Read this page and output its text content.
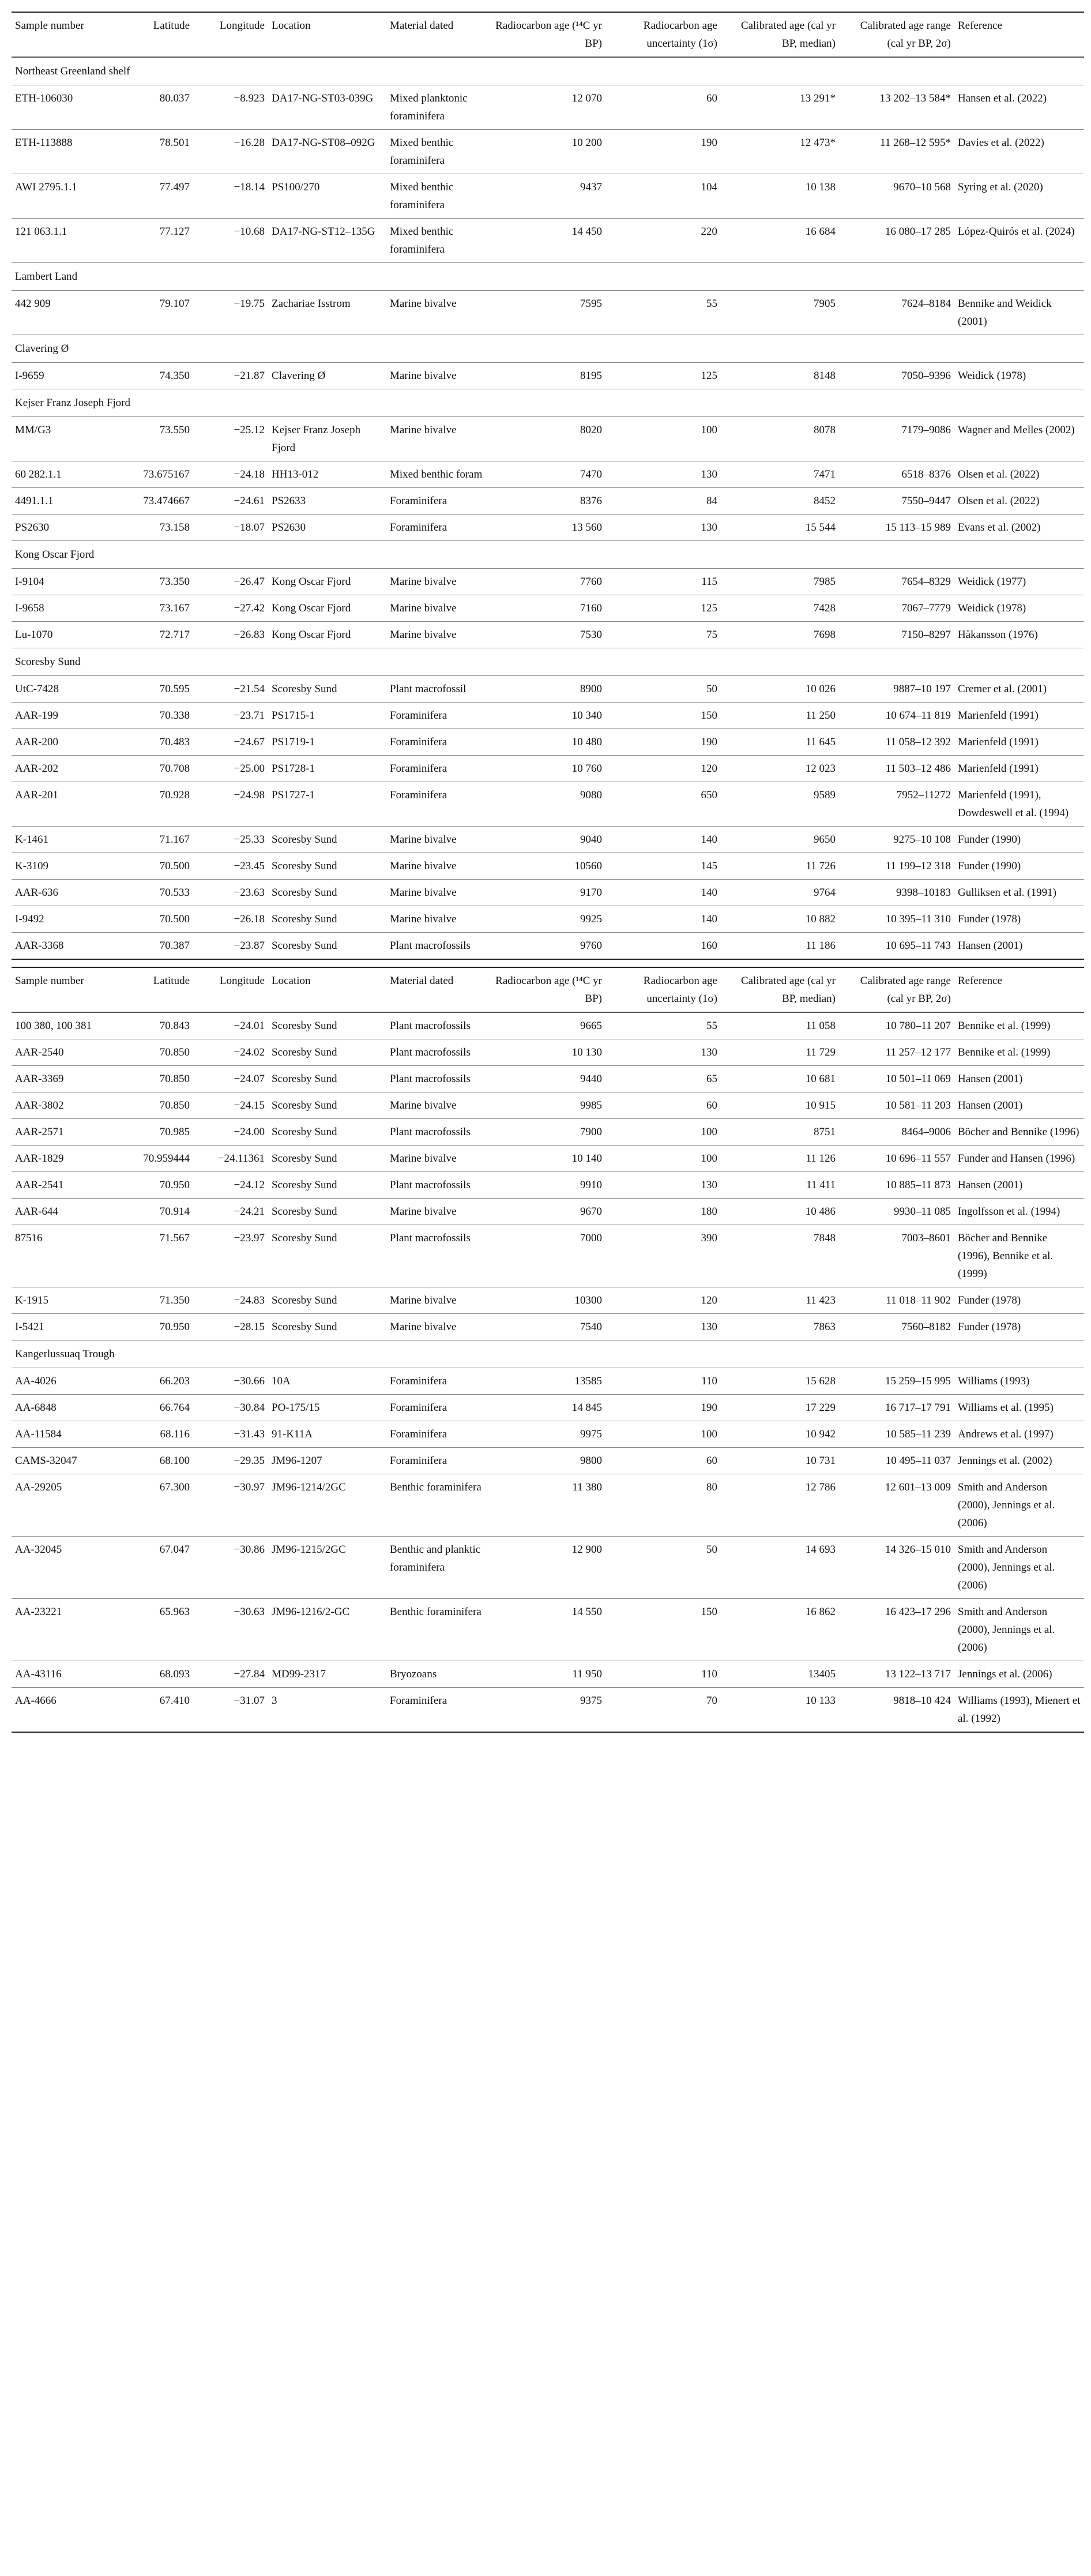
Sample number	Latitude	Longitude	Location	Material dated	Radiocarbon age (¹⁴C yr BP)	Radiocarbon age uncertainty (1σ)	Calibrated age (cal yr BP, median)	Calibrated age range (cal yr BP, 2σ)	Reference
Northeast Greenland shelf									
ETH-106030	80.037	−8.923	DA17-NG-ST03-039G	Mixed planktonic foraminifera	12 070	60	13 291*	13 202–13 584*	Hansen et al. (2022)
ETH-113888	78.501	−16.28	DA17-NG-ST08–092G	Mixed benthic foraminifera	10 200	190	12 473*	11 268–12 595*	Davies et al. (2022)
AWI 2795.1.1	77.497	−18.14	PS100/270	Mixed benthic foraminifera	9437	104	10 138	9670–10 568	Syring et al. (2020)
121 063.1.1	77.127	−10.68	DA17-NG-ST12–135G	Mixed benthic foraminifera	14 450	220	16 684	16 080–17 285	López-Quirós et al. (2024)
Lambert Land									
442 909	79.107	−19.75	Zachariae Isstrom	Marine bivalve	7595	55	7905	7624–8184	Bennike and Weidick (2001)
Clavering Ø									
I-9659	74.350	−21.87	Clavering Ø	Marine bivalve	8195	125	8148	7050–9396	Weidick (1978)
Kejser Franz Joseph Fjord									
MM/G3	73.550	−25.12	Kejser Franz Joseph Fjord	Marine bivalve	8020	100	8078	7179–9086	Wagner and Melles (2002)
60 282.1.1	73.675167	−24.18	HH13-012	Mixed benthic foram	7470	130	7471	6518–8376	Olsen et al. (2022)
4491.1.1	73.474667	−24.61	PS2633	Foraminifera	8376	84	8452	7550–9447	Olsen et al. (2022)
PS2630	73.158	−18.07	PS2630	Foraminifera	13 560	130	15 544	15 113–15 989	Evans et al. (2002)
Kong Oscar Fjord									
I-9104	73.350	−26.47	Kong Oscar Fjord	Marine bivalve	7760	115	7985	7654–8329	Weidick (1977)
I-9658	73.167	−27.42	Kong Oscar Fjord	Marine bivalve	7160	125	7428	7067–7779	Weidick (1978)
Lu-1070	72.717	−26.83	Kong Oscar Fjord	Marine bivalve	7530	75	7698	7150–8297	Håkansson (1976)
Scoresby Sund									
UtC-7428	70.595	−21.54	Scoresby Sund	Plant macrofossil	8900	50	10 026	9887–10 197	Cremer et al. (2001)
AAR-199	70.338	−23.71	PS1715-1	Foraminifera	10 340	150	11 250	10 674–11 819	Marienfeld (1991)
AAR-200	70.483	−24.67	PS1719-1	Foraminifera	10 480	190	11 645	11 058–12 392	Marienfeld (1991)
AAR-202	70.708	−25.00	PS1728-1	Foraminifera	10 760	120	12 023	11 503–12 486	Marienfeld (1991)
AAR-201	70.928	−24.98	PS1727-1	Foraminifera	9080	650	9589	7952–11272	Marienfeld (1991), Dowdeswell et al. (1994)
K-1461	71.167	−25.33	Scoresby Sund	Marine bivalve	9040	140	9650	9275–10 108	Funder (1990)
K-3109	70.500	−23.45	Scoresby Sund	Marine bivalve	10560	145	11 726	11 199–12 318	Funder (1990)
AAR-636	70.533	−23.63	Scoresby Sund	Marine bivalve	9170	140	9764	9398–10183	Gulliksen et al. (1991)
I-9492	70.500	−26.18	Scoresby Sund	Marine bivalve	9925	140	10 882	10 395–11 310	Funder (1978)
AAR-3368	70.387	−23.87	Scoresby Sund	Plant macrofossils	9760	160	11 186	10 695–11 743	Hansen (2001)
Sample number	Latitude	Longitude	Location	Material dated	Radiocarbon age (¹⁴C yr BP)	Radiocarbon age uncertainty (1σ)	Calibrated age (cal yr BP, median)	Calibrated age range (cal yr BP, 2σ)	Reference
100 380, 100 381	70.843	−24.01	Scoresby Sund	Plant macrofossils	9665	55	11 058	10 780–11 207	Bennike et al. (1999)
AAR-2540	70.850	−24.02	Scoresby Sund	Plant macrofossils	10 130	130	11 729	11 257–12 177	Bennike et al. (1999)
AAR-3369	70.850	−24.07	Scoresby Sund	Plant macrofossils	9440	65	10 681	10 501–11 069	Hansen (2001)
AAR-3802	70.850	−24.15	Scoresby Sund	Marine bivalve	9985	60	10 915	10 581–11 203	Hansen (2001)
AAR-2571	70.985	−24.00	Scoresby Sund	Plant macrofossils	7900	100	8751	8464–9006	Böcher and Bennike (1996)
AAR-1829	70.959444	−24.11361	Scoresby Sund	Marine bivalve	10 140	100	11 126	10 696–11 557	Funder and Hansen (1996)
AAR-2541	70.950	−24.12	Scoresby Sund	Plant macrofossils	9910	130	11 411	10 885–11 873	Hansen (2001)
AAR-644	70.914	−24.21	Scoresby Sund	Marine bivalve	9670	180	10 486	9930–11 085	Ingolfsson et al. (1994)
87516	71.567	−23.97	Scoresby Sund	Plant macrofossils	7000	390	7848	7003–8601	Böcher and Bennike (1996), Bennike et al. (1999)
K-1915	71.350	−24.83	Scoresby Sund	Marine bivalve	10300	120	11 423	11 018–11 902	Funder (1978)
I-5421	70.950	−28.15	Scoresby Sund	Marine bivalve	7540	130	7863	7560–8182	Funder (1978)
Kangerlussuaq Trough									
AA-4026	66.203	−30.66	10A	Foraminifera	13585	110	15 628	15 259–15 995	Williams (1993)
AA-6848	66.764	−30.84	PO-175/15	Foraminifera	14 845	190	17 229	16 717–17 791	Williams et al. (1995)
AA-11584	68.116	−31.43	91-K11A	Foraminifera	9975	100	10 942	10 585–11 239	Andrews et al. (1997)
CAMS-32047	68.100	−29.35	JM96-1207	Foraminifera	9800	60	10 731	10 495–11 037	Jennings et al. (2002)
AA-29205	67.300	−30.97	JM96-1214/2GC	Benthic foraminifera	11 380	80	12 786	12 601–13 009	Smith and Anderson (2000), Jennings et al. (2006)
AA-32045	67.047	−30.86	JM96-1215/2GC	Benthic and planktic foraminifera	12 900	50	14 693	14 326–15 010	Smith and Anderson (2000), Jennings et al. (2006)
AA-23221	65.963	−30.63	JM96-1216/2-GC	Benthic foraminifera	14 550	150	16 862	16 423–17 296	Smith and Anderson (2000), Jennings et al. (2006)
AA-43116	68.093	−27.84	MD99-2317	Bryozoans	11 950	110	13405	13 122–13 717	Jennings et al. (2006)
AA-4666	67.410	−31.07	3	Foraminifera	9375	70	10 133	9818–10 424	Williams (1993), Mienert et al. (1992)
